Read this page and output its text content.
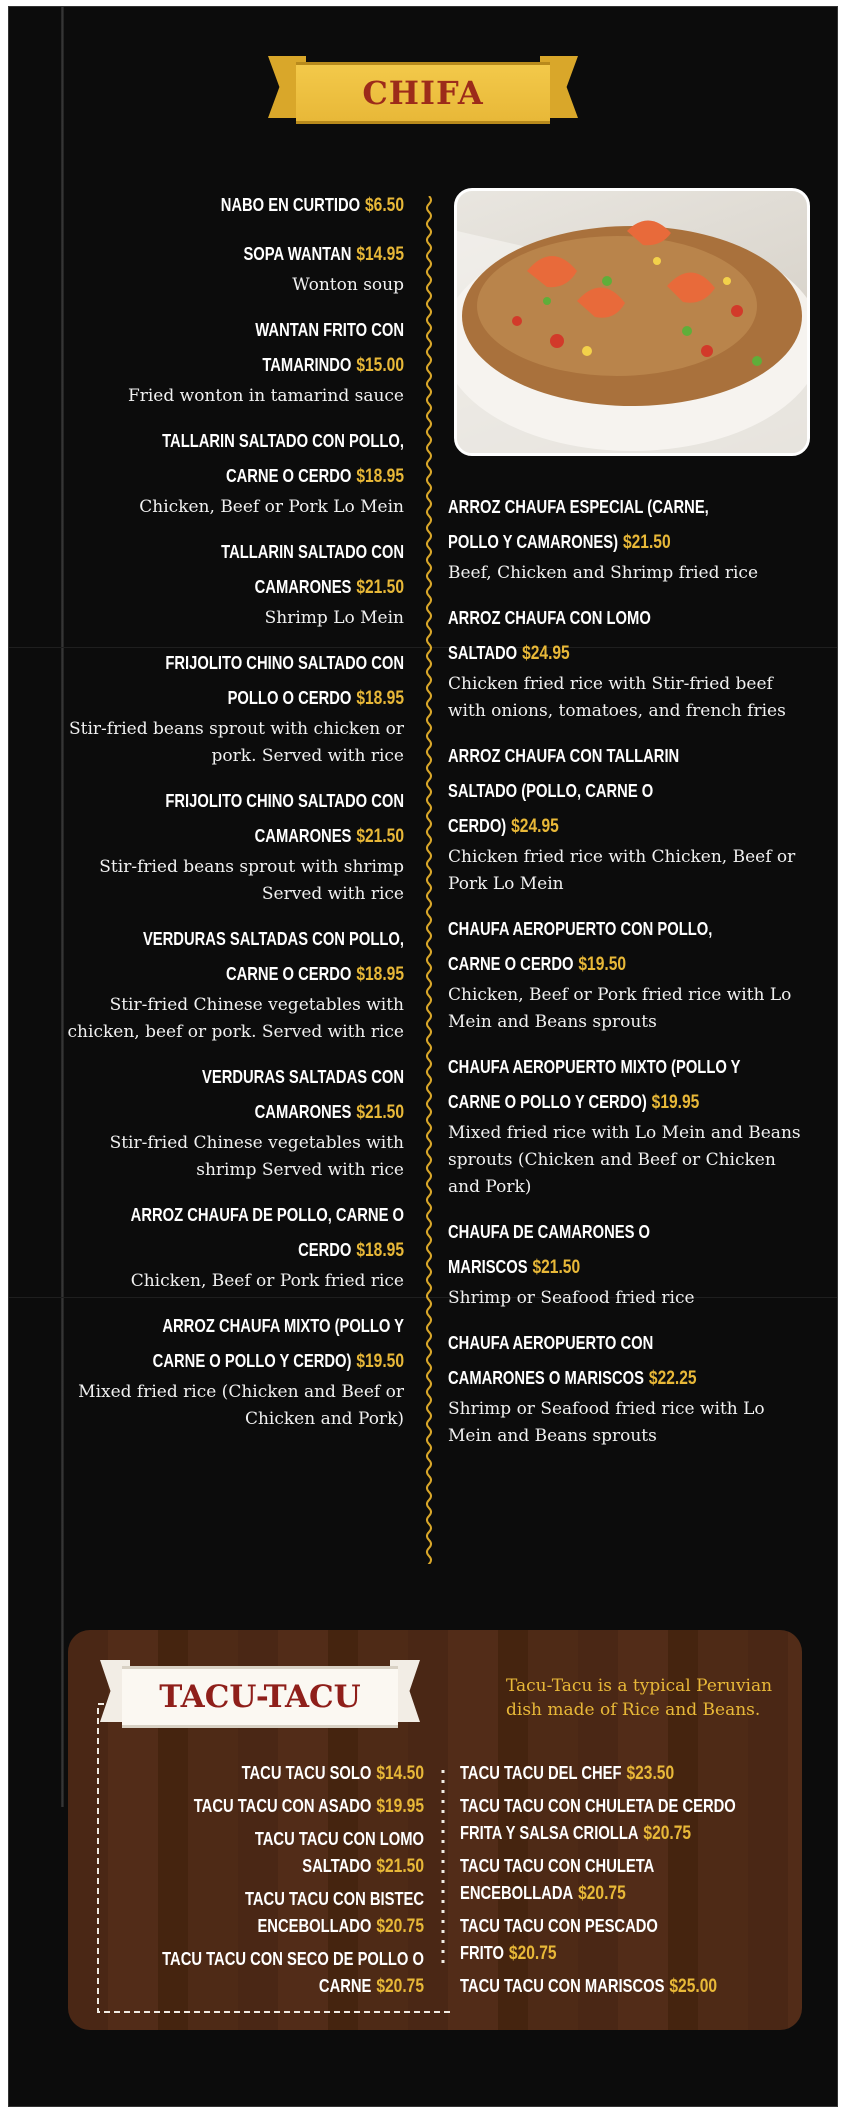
CHIFA
NABO EN CURTIDO $6.50
SOPA WANTAN $14.95
Wonton soup
WANTAN FRITO CON TAMARINDO $15.00
Fried wonton in tamarind sauce
TALLARIN SALTADO CON POLLO, CARNE O CERDO $18.95
Chicken, Beef or Pork Lo Mein
TALLARIN SALTADO CON CAMARONES $21.50
Shrimp Lo Mein
FRIJOLITO CHINO SALTADO CON POLLO O CERDO $18.95
Stir-fried beans sprout with chicken or pork. Served with rice
FRIJOLITO CHINO SALTADO CON CAMARONES $21.50
Stir-fried beans sprout with shrimp Served with rice
VERDURAS SALTADAS CON POLLO, CARNE O CERDO $18.95
Stir-fried Chinese vegetables with chicken, beef or pork. Served with rice
VERDURAS SALTADAS CON CAMARONES $21.50
Stir-fried Chinese vegetables with shrimp Served with rice
ARROZ CHAUFA DE POLLO, CARNE O CERDO $18.95
Chicken, Beef or Pork fried rice
ARROZ CHAUFA MIXTO (POLLO Y CARNE O POLLO Y CERDO) $19.50
Mixed fried rice (Chicken and Beef or Chicken and Pork)
ARROZ CHAUFA ESPECIAL (CARNE, POLLO Y CAMARONES) $21.50
Beef, Chicken and Shrimp fried rice
ARROZ CHAUFA CON LOMO SALTADO $24.95
Chicken fried rice with Stir-fried beef with onions, tomatoes, and french fries
ARROZ CHAUFA CON TALLARIN SALTADO (POLLO, CARNE O CERDO) $24.95
Chicken fried rice with Chicken, Beef or Pork Lo Mein
CHAUFA AEROPUERTO CON POLLO, CARNE O CERDO $19.50
Chicken, Beef or Pork fried rice with Lo Mein and Beans sprouts
CHAUFA AEROPUERTO MIXTO (POLLO Y CARNE O POLLO Y CERDO) $19.95
Mixed fried rice with Lo Mein and Beans sprouts (Chicken and Beef or Chicken and Pork)
CHAUFA DE CAMARONES O MARISCOS $21.50
Shrimp or Seafood fried rice
CHAUFA AEROPUERTO CON CAMARONES O MARISCOS $22.25
Shrimp or Seafood fried rice with Lo Mein and Beans sprouts
TACU-TACU	Tacu-Tacu is a typical Peruvian dish made of Rice and Beans.
TACU TACU SOLO $14.50
TACU TACU CON ASADO $19.95
TACU TACU CON LOMO SALTADO $21.50
TACU TACU CON BISTEC ENCEBOLLADO $20.75
TACU TACU CON SECO DE POLLO O CARNE $20.75
TACU TACU DEL CHEF $23.50
TACU TACU CON CHULETA DE CERDO FRITA Y SALSA CRIOLLA $20.75
TACU TACU CON CHULETA ENCEBOLLADA $20.75
TACU TACU CON PESCADO FRITO $20.75
TACU TACU CON MARISCOS $25.00
